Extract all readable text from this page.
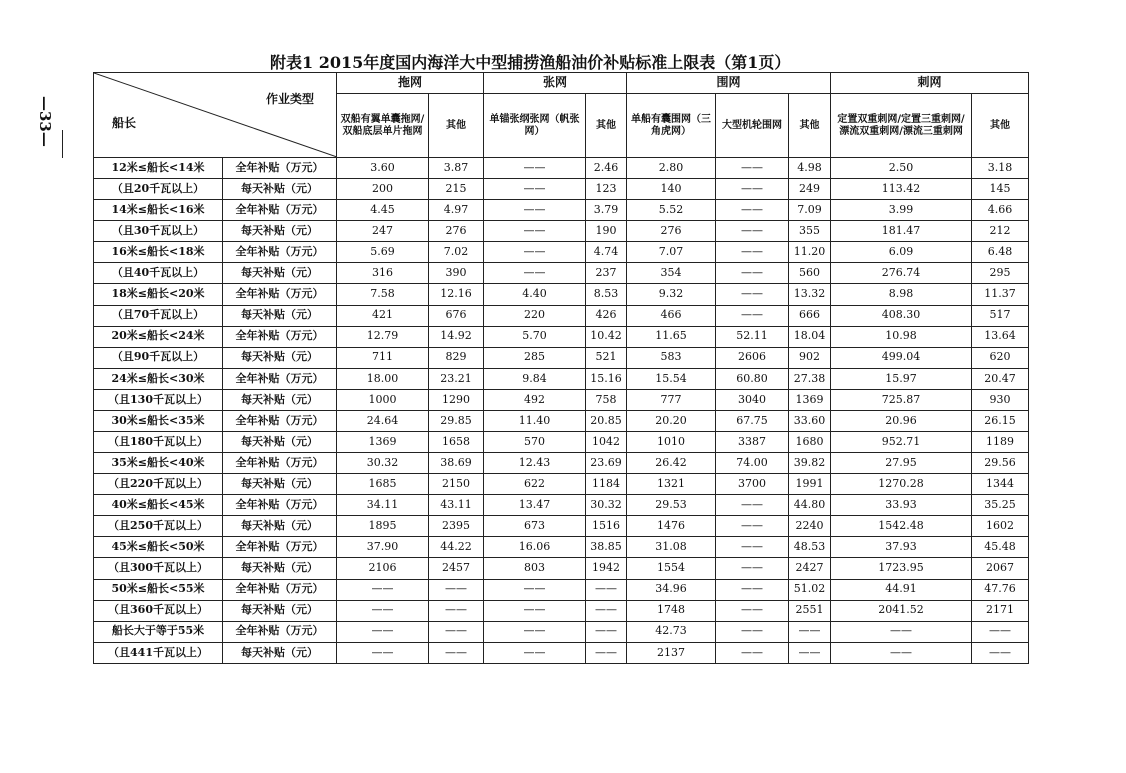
—33—
附表1 2015年度国内海洋大中型捕捞渔船油价补贴标准上限表（第1页）
作业类型
船长		拖网		张网		围网			刺网	
		双船有翼单囊拖网/双船底层单片拖网	其他	单锚张纲张网（帆张网）	其他	单船有囊围网（三角虎网）	大型机轮围网	其他	定置双重刺网/定置三重刺网/漂流双重刺网/漂流三重刺网	其他
12米≤船长<14米	全年补贴（万元）	3.60	3.87	——	2.46	2.80	——	4.98	2.50	3.18
（且20千瓦以上）	每天补贴（元）	200	215	——	123	140	——	249	113.42	145
14米≤船长<16米	全年补贴（万元）	4.45	4.97	——	3.79	5.52	——	7.09	3.99	4.66
（且30千瓦以上）	每天补贴（元）	247	276	——	190	276	——	355	181.47	212
16米≤船长<18米	全年补贴（万元）	5.69	7.02	——	4.74	7.07	——	11.20	6.09	6.48
（且40千瓦以上）	每天补贴（元）	316	390	——	237	354	——	560	276.74	295
18米≤船长<20米	全年补贴（万元）	7.58	12.16	4.40	8.53	9.32	——	13.32	8.98	11.37
（且70千瓦以上）	每天补贴（元）	421	676	220	426	466	——	666	408.30	517
20米≤船长<24米	全年补贴（万元）	12.79	14.92	5.70	10.42	11.65	52.11	18.04	10.98	13.64
（且90千瓦以上）	每天补贴（元）	711	829	285	521	583	2606	902	499.04	620
24米≤船长<30米	全年补贴（万元）	18.00	23.21	9.84	15.16	15.54	60.80	27.38	15.97	20.47
（且130千瓦以上）	每天补贴（元）	1000	1290	492	758	777	3040	1369	725.87	930
30米≤船长<35米	全年补贴（万元）	24.64	29.85	11.40	20.85	20.20	67.75	33.60	20.96	26.15
（且180千瓦以上）	每天补贴（元）	1369	1658	570	1042	1010	3387	1680	952.71	1189
35米≤船长<40米	全年补贴（万元）	30.32	38.69	12.43	23.69	26.42	74.00	39.82	27.95	29.56
（且220千瓦以上）	每天补贴（元）	1685	2150	622	1184	1321	3700	1991	1270.28	1344
40米≤船长<45米	全年补贴（万元）	34.11	43.11	13.47	30.32	29.53	——	44.80	33.93	35.25
（且250千瓦以上）	每天补贴（元）	1895	2395	673	1516	1476	——	2240	1542.48	1602
45米≤船长<50米	全年补贴（万元）	37.90	44.22	16.06	38.85	31.08	——	48.53	37.93	45.48
（且300千瓦以上）	每天补贴（元）	2106	2457	803	1942	1554	——	2427	1723.95	2067
50米≤船长<55米	全年补贴（万元）	——	——	——	——	34.96	——	51.02	44.91	47.76
（且360千瓦以上）	每天补贴（元）	——	——	——	——	1748	——	2551	2041.52	2171
船长大于等于55米	全年补贴（万元）	——	——	——	——	42.73	——	——	——	——
（且441千瓦以上）	每天补贴（元）	——	——	——	——	2137	——	——	——	——
